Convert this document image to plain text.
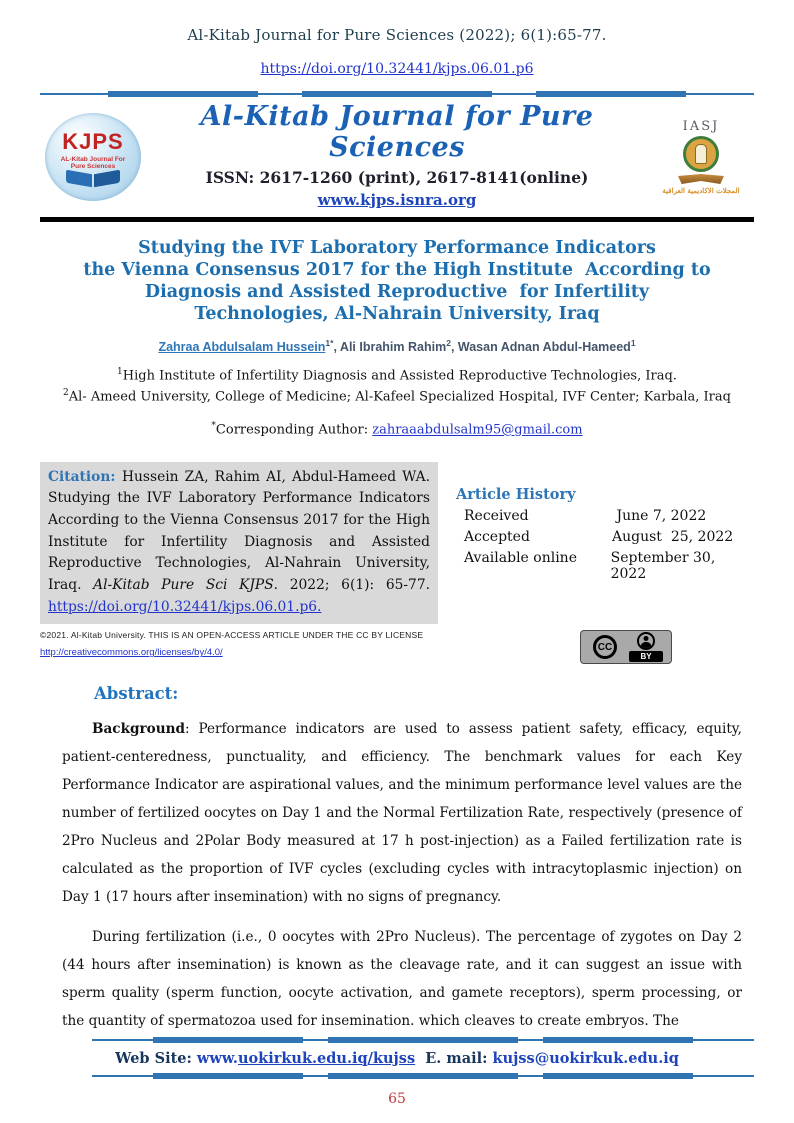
Al-Kitab Journal for Pure Sciences (2022); 6(1):65-77.
https://doi.org/10.32441/kjps.06.01.p6
KJPS
AL-Kitab Journal For Pure Sciences
Al-Kitab Journal for Pure Sciences
ISSN: 2617-1260 (print), 2617-8141(online)
www.kjps.isnra.org
IASJ
المجلات الاكاديمية العراقية
Studying the IVF Laboratory Performance Indicators
the Vienna Consensus 2017 for the High Institute  According to
Diagnosis and Assisted Reproductive  for Infertility
Technologies, Al-Nahrain University, Iraq
Zahraa Abdulsalam Hussein$^{1*}$, Ali Ibrahim Rahim$^2$, Wasan Adnan Abdul-Hameed$^1$
$^1$High Institute of Infertility Diagnosis and Assisted Reproductive Technologies, Iraq.
$^2$Al- Ameed University, College of Medicine; Al-Kafeel Specialized Hospital, IVF Center; Karbala, Iraq
*Corresponding Author: zahraaabdulsalm95@gmail.com
Citation: Hussein ZA, Rahim AI, Abdul-Hameed WA. Studying the IVF Laboratory Performance Indicators According to the Vienna Consensus 2017 for the High Institute for Infertility Diagnosis and Assisted Reproductive Technologies, Al-Nahrain University, Iraq. Al-Kitab Pure Sci KJPS. 2022; 6(1): 65-77. https://doi.org/10.32441/kjps.06.01.p6.
Article History
Received	June 7, 2022
Accepted	August  25, 2022
Available online	September 30, 2022
©2021. Al-Kitab University. THIS IS AN OPEN-ACCESS ARTICLE UNDER THE CC BY LICENSE
http://creativecommons.org/licenses/by/4.0/	CC
BY
Abstract:
Background: Performance indicators are used to assess patient safety, efficacy, equity, patient-centeredness, punctuality, and efficiency. The benchmark values for each Key Performance Indicator are aspirational values, and the minimum performance level values are the number of fertilized oocytes on Day 1 and the Normal Fertilization Rate, respectively (presence of 2Pro Nucleus and 2Polar Body measured at 17 h post-injection) as a Failed fertilization rate is calculated as the proportion of IVF cycles (excluding cycles with intracytoplasmic injection) on Day 1 (17 hours after insemination) with no signs of pregnancy.
During fertilization (i.e., 0 oocytes with 2Pro Nucleus). The percentage of zygotes on Day 2 (44 hours after insemination) is known as the cleavage rate, and it can suggest an issue with sperm quality (sperm function, oocyte activation, and gamete receptors), sperm processing, or the quantity of spermatozoa used for insemination. which cleaves to create embryos. The
Web Site: www.uokirkuk.edu.iq/kujss  E. mail: kujss@uokirkuk.edu.iq
65
